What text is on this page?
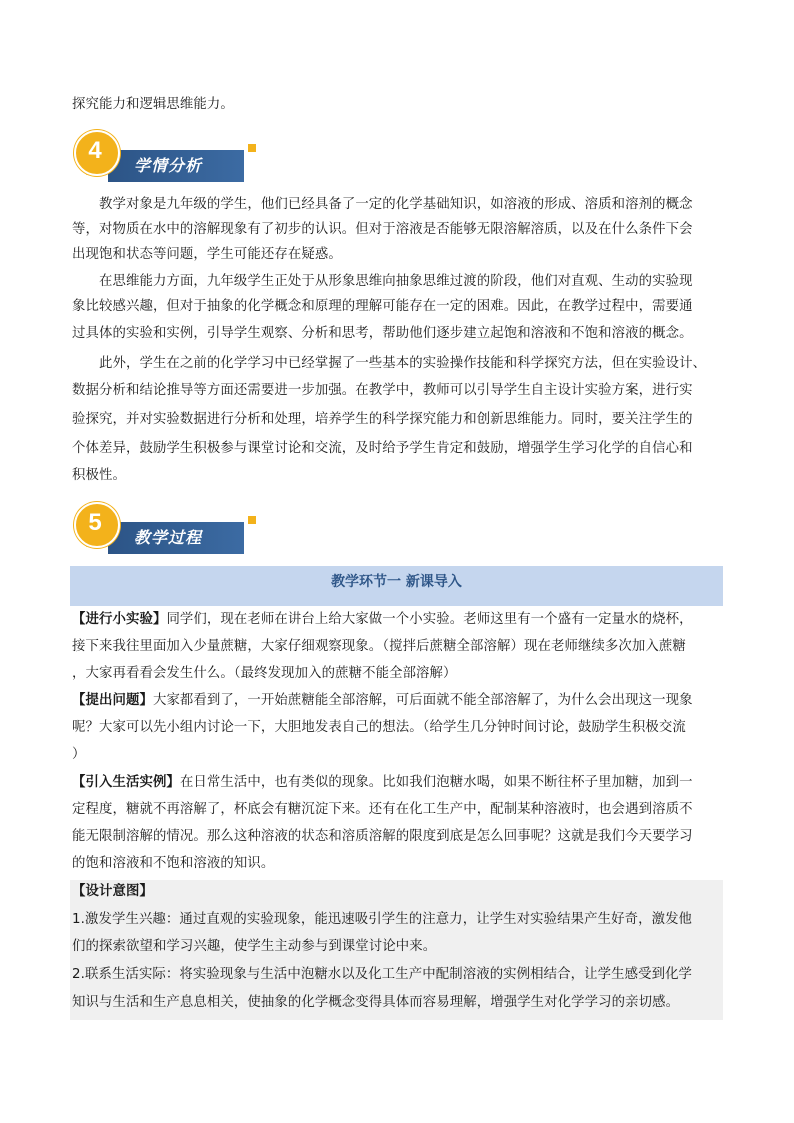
探究能力和逻辑思维能力。
4
学情分析
教学对象是九年级的学生，他们已经具备了一定的化学基础知识，如溶液的形成、溶质和溶剂的概念
等，对物质在水中的溶解现象有了初步的认识。但对于溶液是否能够无限溶解溶质，以及在什么条件下会
出现饱和状态等问题，学生可能还存在疑惑。
在思维能力方面，九年级学生正处于从形象思维向抽象思维过渡的阶段，他们对直观、生动的实验现
象比较感兴趣，但对于抽象的化学概念和原理的理解可能存在一定的困难。因此，在教学过程中，需要通
过具体的实验和实例，引导学生观察、分析和思考，帮助他们逐步建立起饱和溶液和不饱和溶液的概念。
此外，学生在之前的化学学习中已经掌握了一些基本的实验操作技能和科学探究方法，但在实验设计、
数据分析和结论推导等方面还需要进一步加强。在教学中，教师可以引导学生自主设计实验方案，进行实
验探究，并对实验数据进行分析和处理，培养学生的科学探究能力和创新思维能力。同时，要关注学生的
个体差异，鼓励学生积极参与课堂讨论和交流，及时给予学生肯定和鼓励，增强学生学习化学的自信心和
积极性。
5
教学过程
教学环节一 新课导入
【进行小实验】同学们，现在老师在讲台上给大家做一个小实验。老师这里有一个盛有一定量水的烧杯，
接下来我往里面加入少量蔗糖，大家仔细观察现象。（搅拌后蔗糖全部溶解）现在老师继续多次加入蔗糖
，大家再看看会发生什么。（最终发现加入的蔗糖不能全部溶解）
【提出问题】大家都看到了，一开始蔗糖能全部溶解，可后面就不能全部溶解了，为什么会出现这一现象
呢？大家可以先小组内讨论一下，大胆地发表自己的想法。（给学生几分钟时间讨论，鼓励学生积极交流
）
【引入生活实例】在日常生活中，也有类似的现象。比如我们泡糖水喝，如果不断往杯子里加糖，加到一
定程度，糖就不再溶解了，杯底会有糖沉淀下来。还有在化工生产中，配制某种溶液时，也会遇到溶质不
能无限制溶解的情况。那么这种溶液的状态和溶质溶解的限度到底是怎么回事呢？这就是我们今天要学习
的饱和溶液和不饱和溶液的知识。
【设计意图】
1.激发学生兴趣：通过直观的实验现象，能迅速吸引学生的注意力，让学生对实验结果产生好奇，激发他
们的探索欲望和学习兴趣，使学生主动参与到课堂讨论中来。
2.联系生活实际：将实验现象与生活中泡糖水以及化工生产中配制溶液的实例相结合，让学生感受到化学
知识与生活和生产息息相关，使抽象的化学概念变得具体而容易理解，增强学生对化学学习的亲切感。
